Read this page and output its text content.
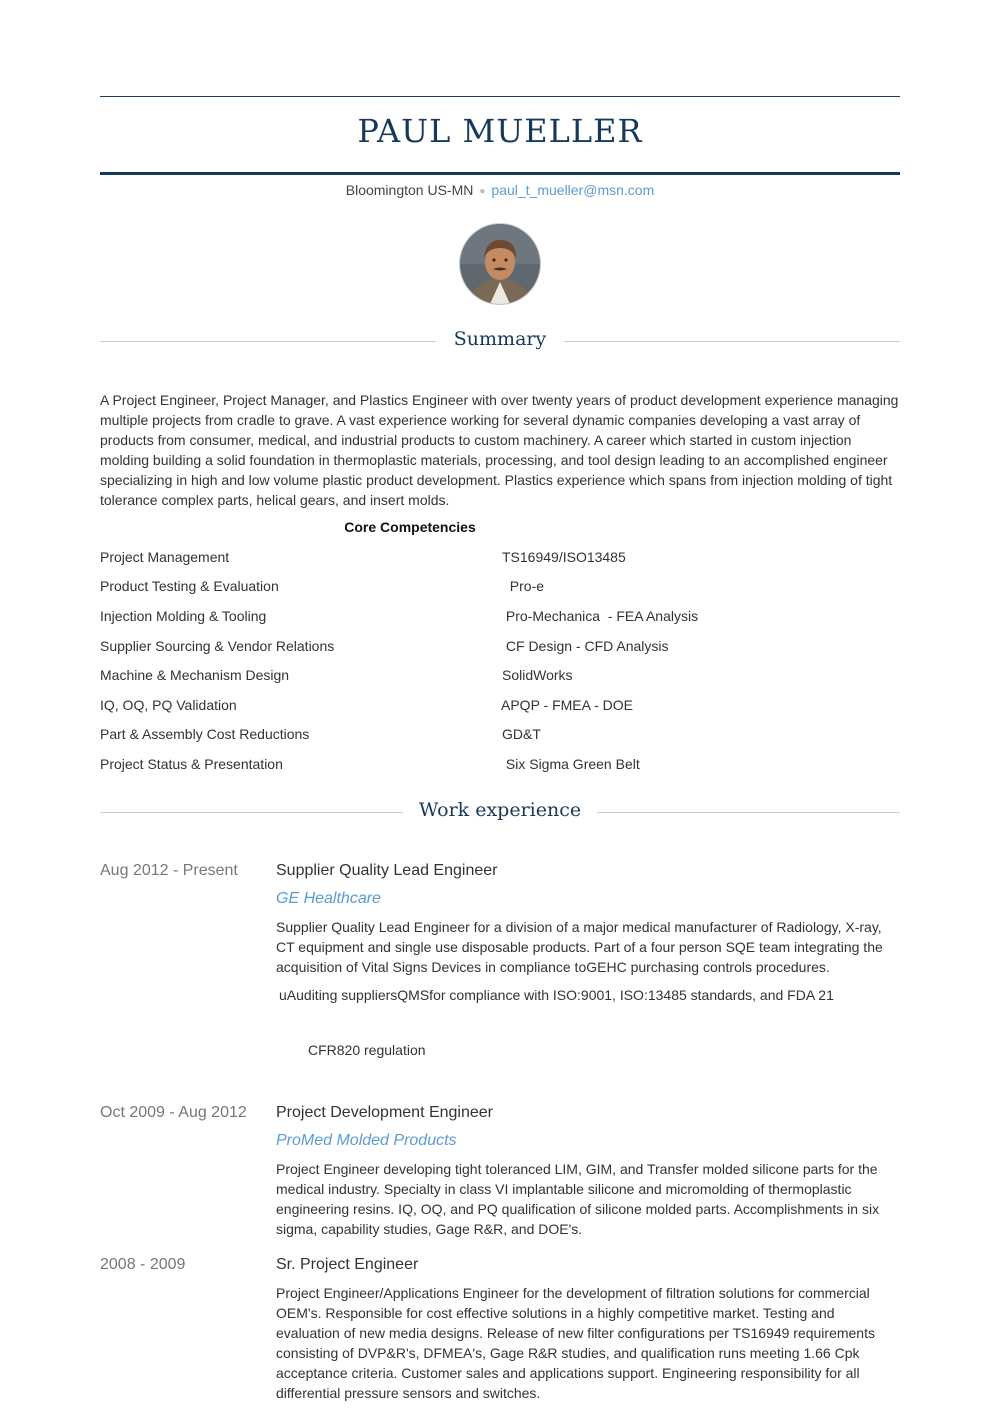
PAUL MUELLER
Bloomington US-MN ● paul_t_mueller@msn.com
Summary
A Project Engineer, Project Manager, and Plastics Engineer with over twenty years of product development experience managing multiple projects from cradle to grave. A vast experience working for several dynamic companies developing a vast array of products from consumer, medical, and industrial products to custom machinery. A career which started in custom injection molding building a solid foundation in thermoplastic materials, processing, and tool design leading to an accomplished engineer specializing in high and low volume plastic product development. Plastics experience which spans from injection molding of tight tolerance complex parts, helical gears, and insert molds.
Core Competencies
Project Management	TS16949/ISO13485
Product Testing & Evaluation	Pro-e
Injection Molding & Tooling	Pro-Mechanica  - FEA Analysis
Supplier Sourcing & Vendor Relations	CF Design - CFD Analysis
Machine & Mechanism Design	SolidWorks
IQ, OQ, PQ Validation	APQP - FMEA - DOE
Part & Assembly Cost Reductions	GD&T
Project Status & Presentation	Six Sigma Green Belt
Work experience
Aug 2012 - Present Supplier Quality Lead Engineer
GE Healthcare
Supplier Quality Lead Engineer for a division of a major medical manufacturer of Radiology, X-ray, CT equipment and single use disposable products. Part of a four person SQE team integrating the acquisition of Vital Signs Devices in compliance toGEHC purchasing controls procedures.
uAuditing suppliersQMSfor compliance with ISO:9001, ISO:13485 standards, and FDA 21
CFR820 regulation
Oct 2009 - Aug 2012 Project Development Engineer
ProMed Molded Products
Project Engineer developing tight toleranced LIM, GIM, and Transfer molded silicone parts for the medical industry. Specialty in class VI implantable silicone and micromolding of thermoplastic engineering resins. IQ, OQ, and PQ qualification of silicone molded parts. Accomplishments in six sigma, capability studies, Gage R&R, and DOE's.
2008 - 2009	Sr. Project Engineer
Project Engineer/Applications Engineer for the development of filtration solutions for commercial OEM's. Responsible for cost effective solutions in a highly competitive market. Testing and evaluation of new media designs. Release of new filter configurations per TS16949 requirements consisting of DVP&R's, DFMEA's, Gage R&R studies, and qualification runs meeting 1.66 Cpk acceptance criteria. Customer sales and applications support. Engineering responsibility for all differential pressure sensors and switches.
